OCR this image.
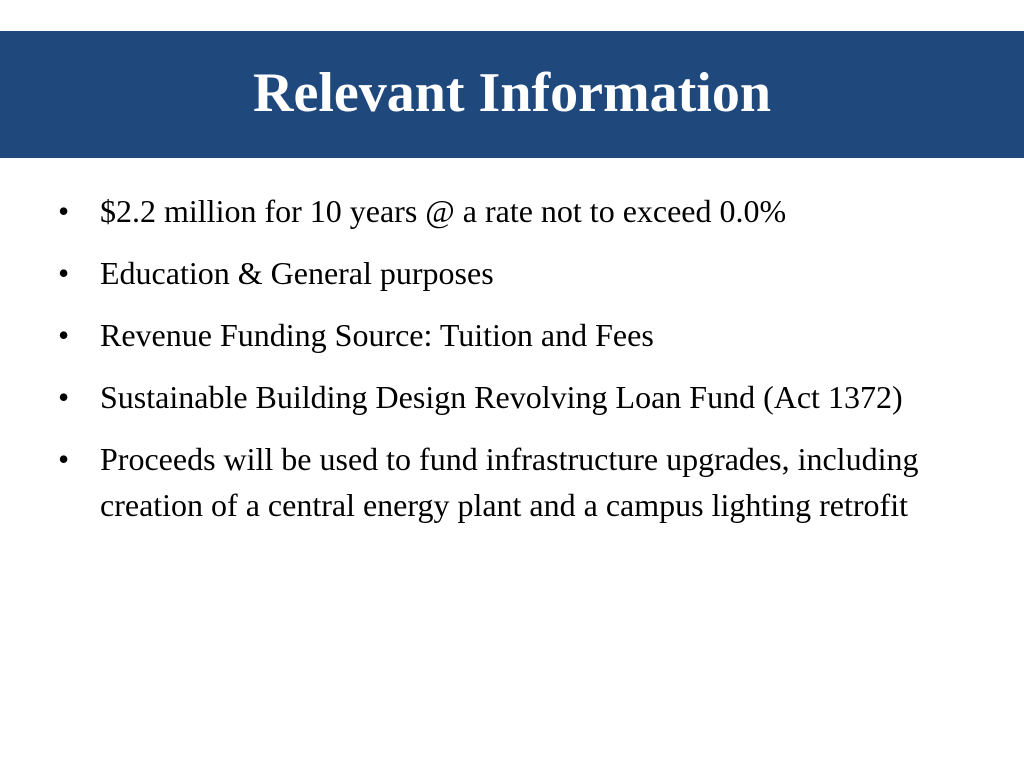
Relevant Information
• $2.2 million for 10 years @ a rate not to exceed 0.0%
• Education & General purposes
• Revenue Funding Source: Tuition and Fees
• Sustainable Building Design Revolving Loan Fund (Act 1372)
• Proceeds will be used to fund infrastructure upgrades, including creation of a central energy plant and a campus lighting retrofit
